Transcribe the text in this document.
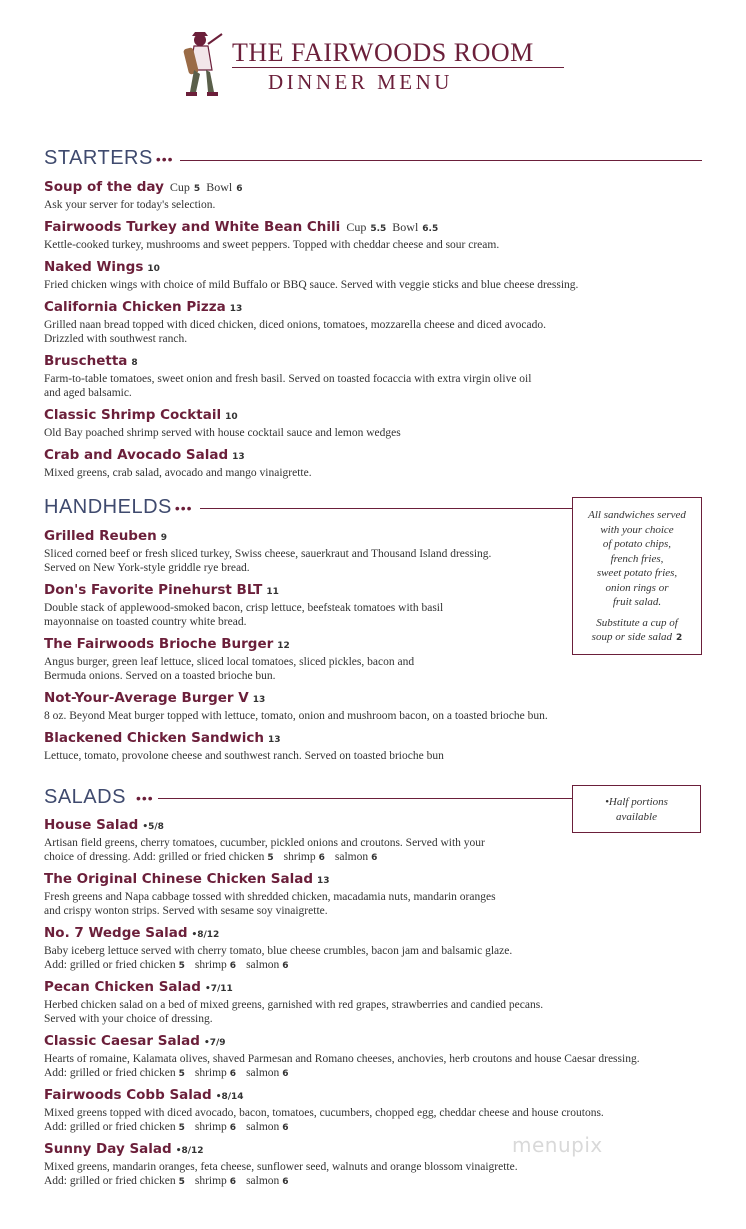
THE FAIRWOODS ROOM
DINNER MENU
STARTERS •••
Soup of the day Cup 5 Bowl 6
Ask your server for today's selection.
Fairwoods Turkey and White Bean Chili Cup 5.5 Bowl 6.5
Kettle-cooked turkey, mushrooms and sweet peppers. Topped with cheddar cheese and sour cream.
Naked Wings 10
Fried chicken wings with choice of mild Buffalo or BBQ sauce. Served with veggie sticks and blue cheese dressing.
California Chicken Pizza 13
Grilled naan bread topped with diced chicken, diced onions, tomatoes, mozzarella cheese and diced avocado.
Drizzled with southwest ranch.
Bruschetta 8
Farm-to-table tomatoes, sweet onion and fresh basil. Served on toasted focaccia with extra virgin olive oil
and aged balsamic.
Classic Shrimp Cocktail 10
Old Bay poached shrimp served with house cocktail sauce and lemon wedges
Crab and Avocado Salad 13
Mixed greens, crab salad, avocado and mango vinaigrette.
HANDHELDS •••	All sandwiches served
with your choice
of potato chips,
french fries,
sweet potato fries,
onion rings or
fruit salad.
Substitute a cup of
soup or side salad 2
Grilled Reuben 9
Sliced corned beef or fresh sliced turkey, Swiss cheese, sauerkraut and Thousand Island dressing.
Served on New York-style griddle rye bread.
Don's Favorite Pinehurst BLT 11
Double stack of applewood-smoked bacon, crisp lettuce, beefsteak tomatoes with basil
mayonnaise on toasted country white bread.
The Fairwoods Brioche Burger 12
Angus burger, green leaf lettuce, sliced local tomatoes, sliced pickles, bacon and
Bermuda onions. Served on a toasted brioche bun.
Not-Your-Average Burger V 13
8 oz. Beyond Meat burger topped with lettuce, tomato, onion and mushroom bacon, on a toasted brioche bun.
Blackened Chicken Sandwich 13
Lettuce, tomato, provolone cheese and southwest ranch. Served on toasted brioche bun
SALADS •••	•Half portions
available
House Salad •5/8
Artisan field greens, cherry tomatoes, cucumber, pickled onions and croutons. Served with your
choice of dressing. Add: grilled or fried chicken 5 shrimp 6 salmon 6
The Original Chinese Chicken Salad 13
Fresh greens and Napa cabbage tossed with shredded chicken, macadamia nuts, mandarin oranges
and crispy wonton strips. Served with sesame soy vinaigrette.
No. 7 Wedge Salad •8/12
Baby iceberg lettuce served with cherry tomato, blue cheese crumbles, bacon jam and balsamic glaze.
Add: grilled or fried chicken 5 shrimp 6 salmon 6
Pecan Chicken Salad •7/11
Herbed chicken salad on a bed of mixed greens, garnished with red grapes, strawberries and candied pecans.
Served with your choice of dressing.
Classic Caesar Salad •7/9
Hearts of romaine, Kalamata olives, shaved Parmesan and Romano cheeses, anchovies, herb croutons and house Caesar dressing.
Add: grilled or fried chicken 5 shrimp 6 salmon 6
Fairwoods Cobb Salad •8/14
Mixed greens topped with diced avocado, bacon, tomatoes, cucumbers, chopped egg, cheddar cheese and house croutons.
Add: grilled or fried chicken 5 shrimp 6 salmon 6
Sunny Day Salad •8/12
Mixed greens, mandarin oranges, feta cheese, sunflower seed, walnuts and orange blossom vinaigrette.
Add: grilled or fried chicken 5 shrimp 6 salmon 6
menupix
